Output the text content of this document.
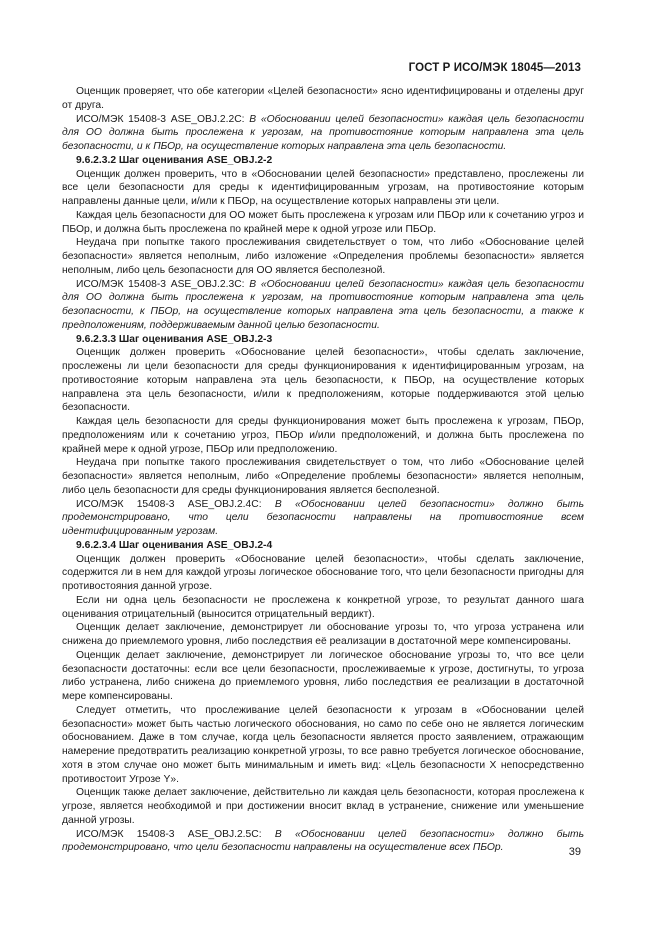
ГОСТ Р ИСО/МЭК 18045—2013

Оценщик проверяет, что обе категории «Целей безопасности» ясно идентифицированы и отделены друг от друга.

ИСО/МЭК 15408-3 ASE_OBJ.2.2C: В «Обосновании целей безопасности» каждая цель безопасности для ОО должна быть прослежена к угрозам, на противостояние которым направлена эта цель безопасности, и к ПБОр, на осуществление которых направлена эта цель безопасности.

9.6.2.3.2 Шаг оценивания ASE_OBJ.2-2

Оценщик должен проверить, что в «Обосновании целей безопасности» представлено, прослежены ли все цели безопасности для среды к идентифицированным угрозам, на противостояние которым направлены данные цели, и/или к ПБОр, на осуществление которых направлены эти цели.

Каждая цель безопасности для ОО может быть прослежена к угрозам или ПБОр или к сочетанию угроз и ПБОр, и должна быть прослежена по крайней мере к одной угрозе или ПБОр.

Неудача при попытке такого прослеживания свидетельствует о том, что либо «Обоснование целей безопасности» является неполным, либо изложение «Определения проблемы безопасности» является неполным, либо цель безопасности для ОО является бесполезной.

ИСО/МЭК 15408-3 ASE_OBJ.2.3C: В «Обосновании целей безопасности» каждая цель безопасности для ОО должна быть прослежена к угрозам, на противостояние которым направлена эта цель безопасности, к ПБОр, на осуществление которых направлена эта цель безопасности, а также к предположениям, поддерживаемым данной целью безопасности.

9.6.2.3.3 Шаг оценивания ASE_OBJ.2-3

Оценщик должен проверить «Обоснование целей безопасности», чтобы сделать заключение, прослежены ли цели безопасности для среды функционирования к идентифицированным угрозам, на противостояние которым направлена эта цель безопасности, к ПБОр, на осуществление которых направлена эта цель безопасности, и/или к предположениям, которые поддерживаются этой целью безопасности.

Каждая цель безопасности для среды функционирования может быть прослежена к угрозам, ПБОр, предположениям или к сочетанию угроз, ПБОр и/или предположений, и должна быть прослежена по крайней мере к одной угрозе, ПБОр или предположению.

Неудача при попытке такого прослеживания свидетельствует о том, что либо «Обоснование целей безопасности» является неполным, либо «Определение проблемы безопасности» является неполным, либо цель безопасности для среды функционирования является бесполезной.

ИСО/МЭК 15408-3 ASE_OBJ.2.4C: В «Обосновании целей безопасности» должно быть продемонстрировано, что цели безопасности направлены на противостояние всем идентифицированным угрозам.

9.6.2.3.4 Шаг оценивания ASE_OBJ.2-4

Оценщик должен проверить «Обоснование целей безопасности», чтобы сделать заключение, содержится ли в нем для каждой угрозы логическое обоснование того, что цели безопасности пригодны для противостояния данной угрозе.

Если ни одна цель безопасности не прослежена к конкретной угрозе, то результат данного шага оценивания отрицательный (выносится отрицательный вердикт).

Оценщик делает заключение, демонстрирует ли обоснование угрозы то, что угроза устранена или снижена до приемлемого уровня, либо последствия её реализации в достаточной мере компенсированы.

Оценщик делает заключение, демонстрирует ли логическое обоснование угрозы то, что все цели безопасности достаточны: если все цели безопасности, прослеживаемые к угрозе, достигнуты, то угроза либо устранена, либо снижена до приемлемого уровня, либо последствия ее реализации в достаточной мере компенсированы.

Следует отметить, что прослеживание целей безопасности к угрозам в «Обосновании целей безопасности» может быть частью логического обоснования, но само по себе оно не является логическим обоснованием. Даже в том случае, когда цель безопасности является просто заявлением, отражающим намерение предотвратить реализацию конкретной угрозы, то все равно требуется логическое обоснование, хотя в этом случае оно может быть минимальным и иметь вид: «Цель безопасности X непосредственно противостоит Угрозе Y».

Оценщик также делает заключение, действительно ли каждая цель безопасности, которая прослежена к угрозе, является необходимой и при достижении вносит вклад в устранение, снижение или уменьшение данной угрозы.

ИСО/МЭК 15408-3 ASE_OBJ.2.5C: В «Обосновании целей безопасности» должно быть продемонстрировано, что цели безопасности направлены на осуществление всех ПБОр.	39
